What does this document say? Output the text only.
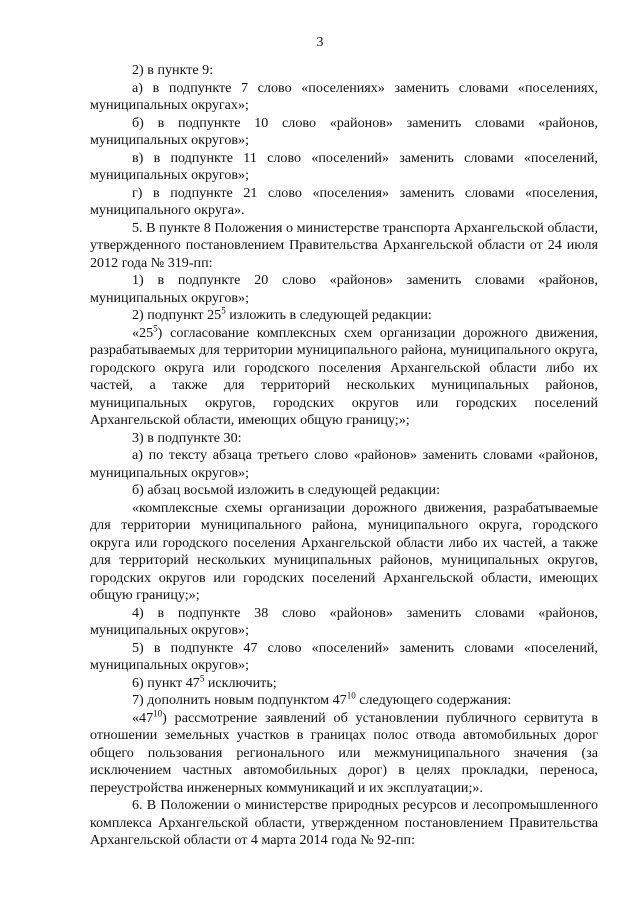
3

2) в пункте 9:

а) в подпункте 7 слово «поселениях» заменить словами «поселениях, муниципальных округах»;

б) в подпункте 10 слово «районов» заменить словами «районов, муниципальных округов»;

в) в подпункте 11 слово «поселений» заменить словами «поселений, муниципальных округов»;

г) в подпункте 21 слово «поселения» заменить словами «поселения, муниципального округа».

5. В пункте 8 Положения о министерстве транспорта Архангельской области, утвержденного постановлением Правительства Архангельской области от 24 июля 2012 года № 319-пп:

1) в подпункте 20 слово «районов» заменить словами «районов, муниципальных округов»;

2) подпункт $25^5$ изложить в следующей редакции:

«$25^5$) согласование комплексных схем организации дорожного движения, разрабатываемых для территории муниципального района, муниципального округа, городского округа или городского поселения Архангельской области либо их частей, а также для территорий нескольких муниципальных районов, муниципальных округов, городских округов или городских поселений Архангельской области, имеющих общую границу;»;

3) в подпункте 30:

а) по тексту абзаца третьего слово «районов» заменить словами «районов, муниципальных округов»;

б) абзац восьмой изложить в следующей редакции:

«комплексные схемы организации дорожного движения, разрабатываемые для территории муниципального района, муниципального округа, городского округа или городского поселения Архангельской области либо их частей, а также для территорий нескольких муниципальных районов, муниципальных округов, городских округов или городских поселений Архангельской области, имеющих общую границу;»;

4) в подпункте 38 слово «районов» заменить словами «районов, муниципальных округов»;

5) в подпункте 47 слово «поселений» заменить словами «поселений, муниципальных округов»;

6) пункт $47^5$ исключить;

7) дополнить новым подпунктом $47^{10}$ следующего содержания:

«$47^{10}$) рассмотрение заявлений об установлении публичного сервитута в отношении земельных участков в границах полос отвода автомобильных дорог общего пользования регионального или межмуниципального значения (за исключением частных автомобильных дорог) в целях прокладки, переноса, переустройства инженерных коммуникаций и их эксплуатации;».

6. В Положении о министерстве природных ресурсов и лесопромышленного комплекса Архангельской области, утвержденном постановлением Правительства Архангельской области от 4 марта 2014 года № 92-пп:
